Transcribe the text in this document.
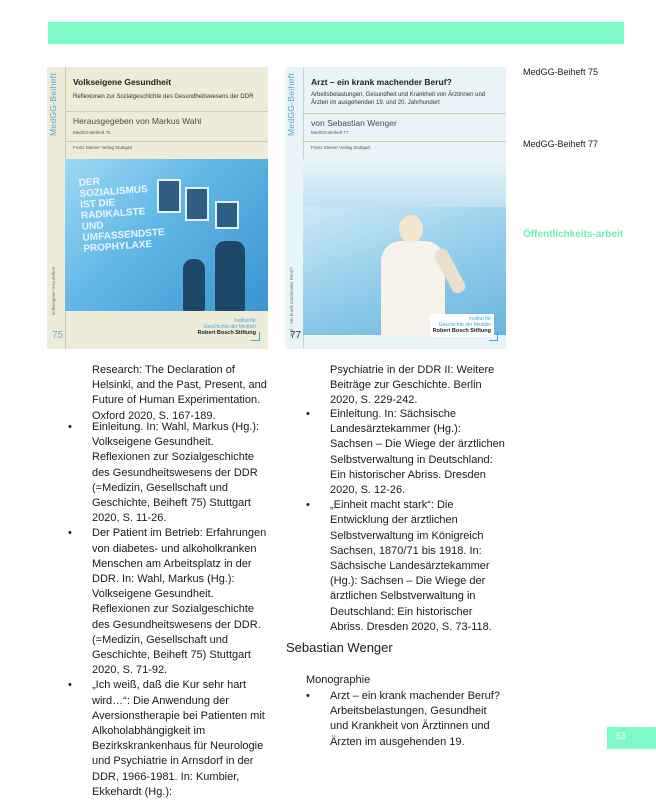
MedGG-Beiheft 75
MedGG-Beiheft 77
Öffentlichkeits-arbeit
MedGG-Beiheft
Volkseigene Gesundheit
Volkseigene Gesundheit
Reflexionen zur Sozialgeschichte des Gesundheitswesens der DDR
Herausgegeben von Markus Wahl
MedGG-Beiheft 75
Franz Steiner Verlag Stuttgart
DER SOZIALISMUS IST DIE RADIKALSTE UND UMFASSENDSTE PROPHYLAXE
75
Institut für
Geschichte der Medizin
Robert Bosch Stiftung
MedGG-Beiheft
Arzt – ein krank machender Beruf?
Arzt – ein krank machender Beruf?
Arbeitsbelastungen, Gesundheit und Krankheit von Ärztinnen und Ärzten im ausgehenden 19. und 20. Jahrhundert
von Sebastian Wenger
MedGG-Beiheft 77
Franz Steiner Verlag Stuttgart
77
Institut für
Geschichte der Medizin
Robert Bosch Stiftung
Research: The Declaration of Helsinki, and the Past, Present, and Future of Human Experimentation. Oxford 2020, S. 167-189.
• Einleitung. In: Wahl, Markus (Hg.): Volkseigene Gesundheit. Reflexionen zur Sozialgeschichte des Gesundheitswesens der DDR (=Medizin, Gesellschaft und Geschichte, Beiheft 75) Stuttgart 2020, S. 11-26.
• Der Patient im Betrieb: Erfahrungen von diabetes- und alkoholkranken Menschen am Arbeitsplatz in der DDR. In: Wahl, Markus (Hg.): Volkseigene Gesundheit. Reflexionen zur Sozialgeschichte des Gesundheitswesens der DDR. (=Medizin, Gesellschaft und Geschichte, Beiheft 75) Stuttgart 2020, S. 71-92.
• „Ich weiß, daß die Kur sehr hart wird…“: Die Anwendung der Aversionstherapie bei Patienten mit Alkoholabhängigkeit im Bezirkskrankenhaus für Neurologie und Psychiatrie in Arnsdorf in der DDR, 1966-1981. In: Kumbier, Ekkehardt (Hg.):
Psychiatrie in der DDR II: Weitere Beiträge zur Geschichte. Berlin 2020, S. 229-242.
• Einleitung. In: Sächsische Landesärztekammer (Hg.): Sachsen – Die Wiege der ärztlichen Selbstverwaltung in Deutschland: Ein historischer Abriss. Dresden 2020, S. 12-26.
• „Einheit macht stark“: Die Entwicklung der ärztlichen Selbstverwaltung im Königreich Sachsen, 1870/71 bis 1918. In: Sächsische Landesärztekammer (Hg.): Sachsen – Die Wiege der ärztlichen Selbstverwaltung in Deutschland: Ein historischer Abriss. Dresden 2020, S. 73-118.
Sebastian Wenger
Monographie
• Arzt – ein krank machender Beruf? Arbeitsbelastungen, Gesundheit und Krankheit von Ärztinnen und Ärzten im ausgehenden 19.	53
